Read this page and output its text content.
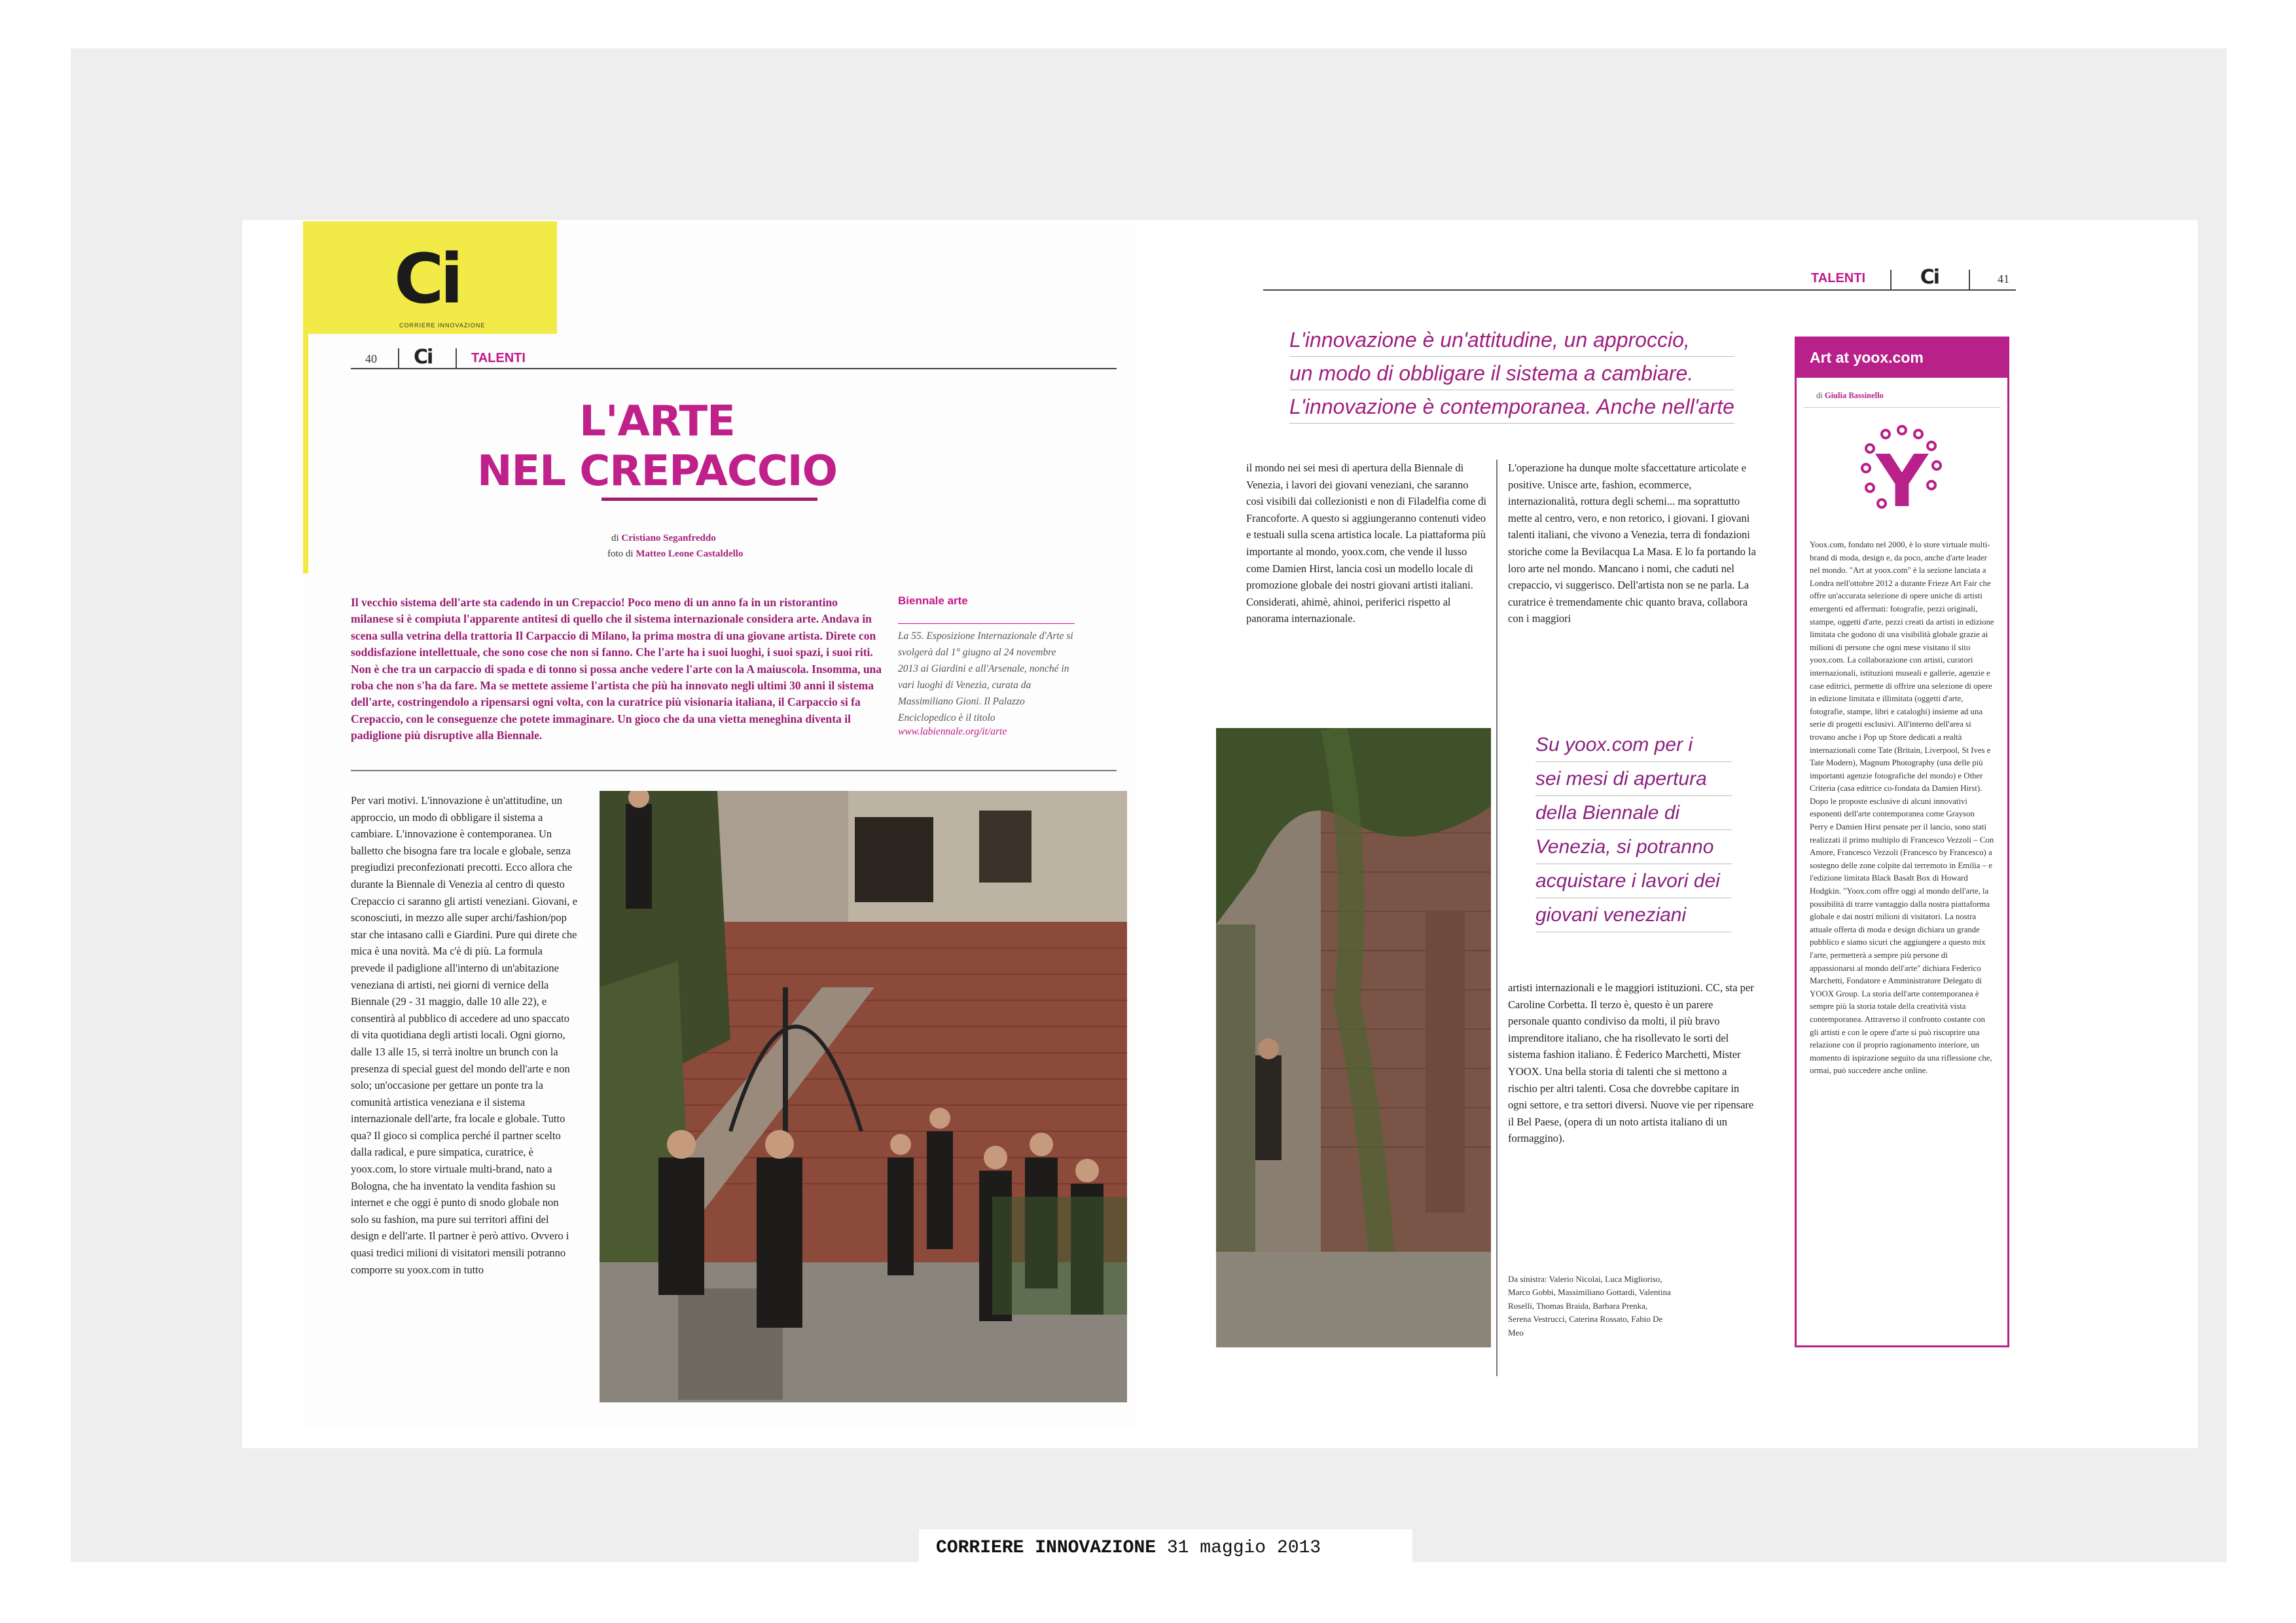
Ci
CORRIERE INNOVAZIONE
40 Ci	TALENTI
L'ARTE
NEL CREPACCIO
di Cristiano Seganfreddo
foto di Matteo Leone Castaldello

Il vecchio sistema dell'arte sta cadendo in un Crepaccio! Poco meno di un anno fa in un ristorantino milanese si è compiuta l'apparente antitesi di quello che il sistema internazionale considera arte. Andava in scena sulla vetrina della trattoria Il Carpaccio di Milano, la prima mostra di una giovane artista. Direte con soddisfazione intellettuale, che sono cose che non si fanno. Che l'arte ha i suoi luoghi, i suoi spazi, i suoi riti. Non è che tra un carpaccio di spada e di tonno si possa anche vedere l'arte con la A maiuscola. Insomma, una roba che non s'ha da fare. Ma se mettete assieme l'artista che più ha innovato negli ultimi 30 anni il sistema dell'arte, costringendolo a ripensarsi ogni volta, con la curatrice più visionaria italiana, il Carpaccio si fa Crepaccio, con le conseguenze che potete immaginare. Un gioco che da una vietta meneghina diventa il padiglione più disruptive alla Biennale.

Biennale arte

La 55. Esposizione Internazionale d'Arte si svolgerà dal 1° giugno al 24 novembre 2013 ai Giardini e all'Arsenale, nonché in vari luoghi di Venezia, curata da Massimiliano Gioni. Il Palazzo Enciclopedico è il titolo

www.labiennale.org/it/arte

Per vari motivi. L'innovazione è un'attitudine, un approccio, un modo di obbligare il sistema a cambiare. L'innovazione è contemporanea. Un balletto che bisogna fare tra locale e globale, senza pregiudizi preconfezionati precotti. Ecco allora che durante la Biennale di Venezia al centro di questo Crepaccio ci saranno gli artisti veneziani. Giovani, e sconosciuti, in mezzo alle super archi/fashion/pop star che intasano calli e Giardini. Pure qui direte che mica è una novità. Ma c'è di più. La formula prevede il padiglione all'interno di un'abitazione veneziana di artisti, nei giorni di vernice della Biennale (29 - 31 maggio, dalle 10 alle 22), e consentirà al pubblico di accedere ad uno spaccato di vita quotidiana degli artisti locali. Ogni giorno, dalle 13 alle 15, si terrà inoltre un brunch con la presenza di special guest del mondo dell'arte e non solo; un'occasione per gettare un ponte tra la comunità artistica veneziana e il sistema internazionale dell'arte, fra locale e globale. Tutto qua? Il gioco si complica perché il partner scelto dalla radical, e pure simpatica, curatrice, è yoox.com, lo store virtuale multi-brand, nato a Bologna, che ha inventato la vendita fashion su internet e che oggi è punto di snodo globale non solo su fashion, ma pure sui territori affini del design e dell'arte. Il partner è però attivo. Ovvero i quasi tredici milioni di visitatori mensili potranno comporre su yoox.com in tutto

TALENTI	Ci	41
L'innovazione è un'attitudine, un approccio,
un modo di obbligare il sistema a cambiare.
L'innovazione è contemporanea. Anche nell'arte

il mondo nei sei mesi di apertura della Biennale di Venezia, i lavori dei giovani veneziani, che saranno così visibili dai collezionisti e non di Filadelfia come di Francoforte. A questo si aggiungeranno contenuti video e testuali sulla scena artistica locale. La piattaforma più importante al mondo, yoox.com, che vende il lusso come Damien Hirst, lancia così un modello locale di promozione globale dei nostri giovani artisti italiani. Considerati, ahimè, ahinoi, periferici rispetto al panorama internazionale.

L'operazione ha dunque molte sfaccettature articolate e positive. Unisce arte, fashion, ecommerce, internazionalità, rottura degli schemi... ma soprattutto mette al centro, vero, e non retorico, i giovani. I giovani talenti italiani, che vivono a Venezia, terra di fondazioni storiche come la Bevilacqua La Masa. E lo fa portando la loro arte nel mondo. Mancano i nomi, che caduti nel crepaccio, vi suggerisco. Dell'artista non se ne parla. La curatrice è tremendamente chic quanto brava, collabora con i maggiori

Su yoox.com per i
sei mesi di apertura
della Biennale di
Venezia, si potranno
acquistare i lavori dei
giovani veneziani

artisti internazionali e le maggiori istituzioni. CC, sta per Caroline Corbetta. Il terzo è, questo è un parere personale quanto condiviso da molti, il più bravo imprenditore italiano, che ha risollevato le sorti del sistema fashion italiano. È Federico Marchetti, Mister YOOX. Una bella storia di talenti che si mettono a rischio per altri talenti. Cosa che dovrebbe capitare in ogni settore, e tra settori diversi. Nuove vie per ripensare il Bel Paese, (opera di un noto artista italiano di un formaggino).

Da sinistra: Valerio Nicolai, Luca Miglioriso, Marco Gobbi, Massimiliano Gottardi, Valentina Roselli, Thomas Braida, Barbara Prenka, Serena Vestrucci, Caterina Rossato, Fabio De Meo

Art at yoox.com
di Giulia Bassinello
Y

Yoox.com, fondato nel 2000, è lo store virtuale multi-brand di moda, design e, da poco, anche d'arte leader nel mondo. "Art at yoox.com" è la sezione lanciata a Londra nell'ottobre 2012 a durante Frieze Art Fair che offre un'accurata selezione di opere uniche di artisti emergenti ed affermati: fotografie, pezzi originali, stampe, oggetti d'arte, pezzi creati da artisti in edizione limitata che godono di una visibilità globale grazie ai milioni di persone che ogni mese visitano il sito yoox.com. La collaborazione con artisti, curatori internazionali, istituzioni museali e gallerie, agenzie e case editrici, permette di offrire una selezione di opere in edizione limitata e illimitata (oggetti d'arte, fotografie, stampe, libri e cataloghi) insieme ad una serie di progetti esclusivi. All'interno dell'area si trovano anche i Pop up Store dedicati a realtà internazionali come Tate (Britain, Liverpool, St Ives e Tate Modern), Magnum Photography (una delle più importanti agenzie fotografiche del mondo) e Other Criteria (casa editrice co-fondata da Damien Hirst). Dopo le proposte esclusive di alcuni innovativi esponenti dell'arte contemporanea come Grayson Perry e Damien Hirst pensate per il lancio, sono stati realizzati il primo multiplo di Francesco Vezzoli – Con Amore, Francesco Vezzoli (Francesco by Francesco) a sostegno delle zone colpite dal terremoto in Emilia – e l'edizione limitata Black Basalt Box di Howard Hodgkin. "Yoox.com offre oggi al mondo dell'arte, la possibilità di trarre vantaggio dalla nostra piattaforma globale e dai nostri milioni di visitatori. La nostra attuale offerta di moda e design dichiara un grande pubblico e siamo sicuri che aggiungere a questo mix l'arte, permetterà a sempre più persone di appassionarsi al mondo dell'arte" dichiara Federico Marchetti, Fondatore e Amministratore Delegato di YOOX Group. La storia dell'arte contemporanea è sempre più la storia totale della creatività vista contemporanea. Attraverso il confronto costante con gli artisti e con le opere d'arte si può riscoprire una relazione con il proprio ragionamento interiore, un momento di ispirazione seguito da una riflessione che, ormai, può succedere anche online.

CORRIERE INNOVAZIONE 31 maggio 2013
